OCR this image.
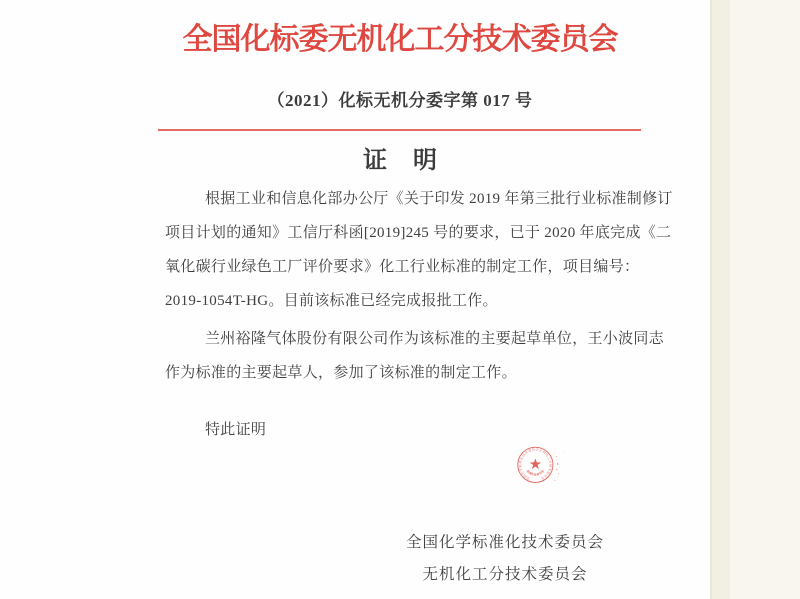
全国化标委无机化工分技术委员会
（2021）化标无机分委字第 017 号
证 明
根据工业和信息化部办公厅《关于印发 2019 年第三批行业标准制修订
项目计划的通知》工信厅科函[2019]245 号的要求，已于 2020 年底完成《二
氧化碳行业绿色工厂评价要求》化工行业标准的制定工作，项目编号：
2019-1054T-HG。目前该标准已经完成报批工作。
兰州裕隆气体股份有限公司作为该标准的主要起草单位，王小波同志
作为标准的主要起草人，参加了该标准的制定工作。
特此证明
全国化学标准化技术委员会
无机化工分技术委员会
全国化学标准化技术委员会无机化工分技术委员会
标准化业务专用
